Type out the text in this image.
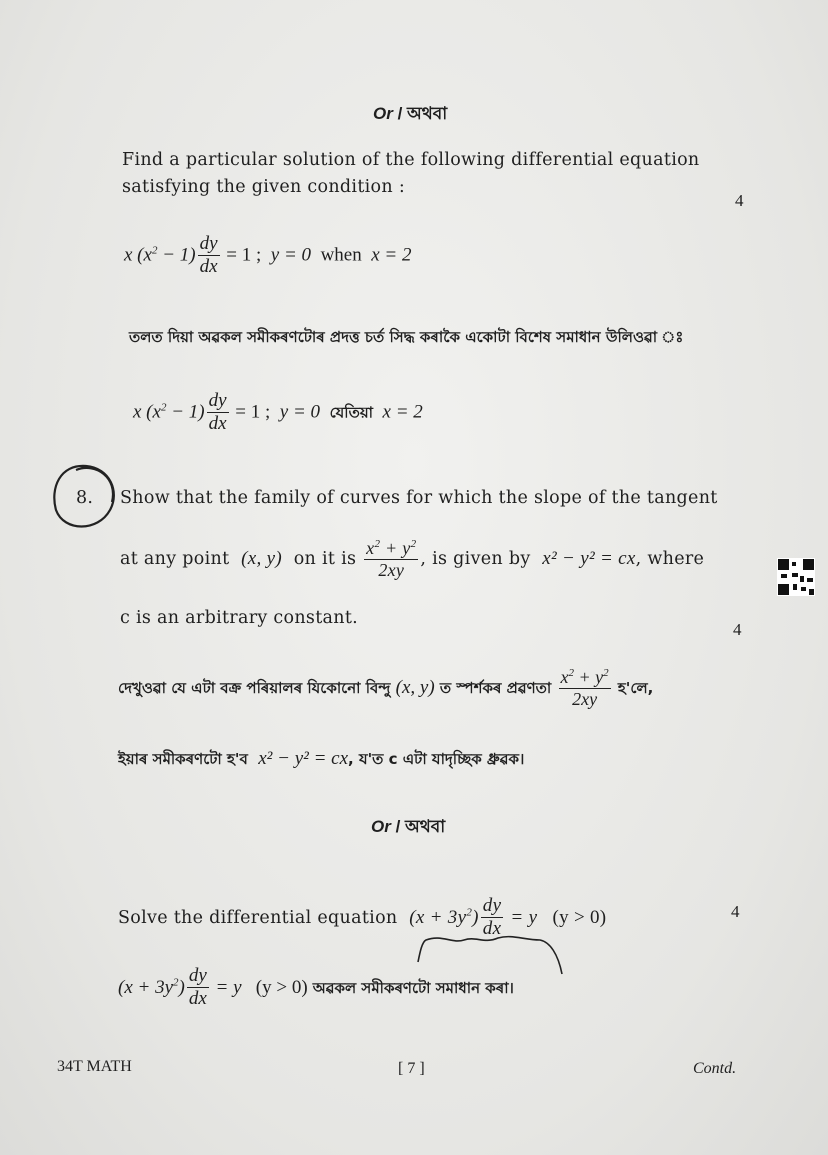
Or / অথবা
Find a particular solution of the following differential equation
satisfying the given condition :
4
x $(x^2 - 1) \frac{dy}{dx} = 1$ ;  y = 0 when x = 2
তলত দিয়া অৱকল সমীকৰণটোৰ প্ৰদত্ত চৰ্ত সিদ্ধ কৰাকৈ একোটা বিশেষ সমাধান উলিওৱা ঃ
x $(x^2 - 1) \frac{dy}{dx} = 1$ ;  y = 0 যেতিয়া x = 2
8. Show that the family of curves for which the slope of the tangent
at any point (x, y) on it is $\frac{x^2 + y^2}{2xy}$ , is given by x² − y² = cx, where
c is an arbitrary constant.
4
দেখুওৱা যে এটা বক্ৰ পৰিয়ালৰ যিকোনো বিন্দু (x, y) ত স্পৰ্শকৰ প্ৰৱণতা $\frac{x^2 + y^2}{2xy}$ হ'লে,
ইয়াৰ সমীকৰণটো হ'ব x² − y² = cx, য'ত c এটা যাদৃচ্ছিক ধ্ৰুৱক।
Or / অথবা
Solve the differential equation $(x + 3y^2) \frac{dy}{dx} = y$ (y > 0)	4
$(x + 3y^2) \frac{dy}{dx} = y$ (y > 0) অৱকল সমীকৰণটো সমাধান কৰা।
34T MATH	[ 7 ]	Contd.
